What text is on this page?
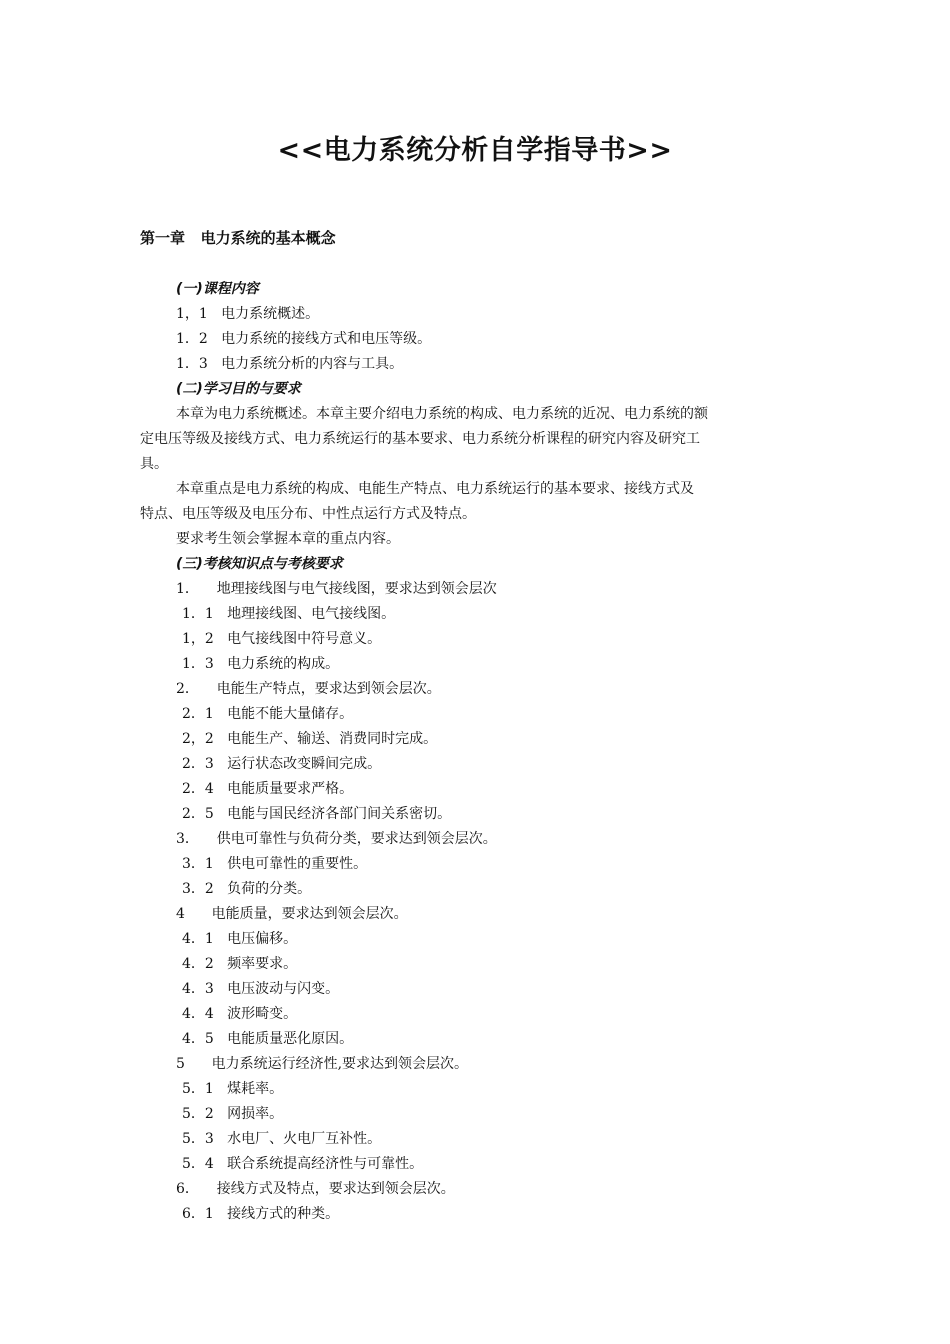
<<电力系统分析自学指导书>>
第一章   电力系统的基本概念
(一)课程内容
1，1   电力系统概述。
1．2   电力系统的接线方式和电压等级。
1．3   电力系统分析的内容与工具。
(二)学习目的与要求
本章为电力系统概述。本章主要介绍电力系统的构成、电力系统的近况、电力系统的额
定电压等级及接线方式、电力系统运行的基本要求、电力系统分析课程的研究内容及研究工
具。
本章重点是电力系统的构成、电能生产特点、电力系统运行的基本要求、接线方式及
特点、电压等级及电压分布、中性点运行方式及特点。
要求考生领会掌握本章的重点内容。
(三)考核知识点与考核要求
1．    地理接线图与电气接线图，要求达到领会层次
1．1   地理接线图、电气接线图。
1，2   电气接线图中符号意义。
1．3   电力系统的构成。
2．    电能生产特点，要求达到领会层次。
2．1   电能不能大量储存。
2，2   电能生产、输送、消费同时完成。
2．3   运行状态改变瞬间完成。
2．4   电能质量要求严格。
2．5   电能与国民经济各部门间关系密切。
3．    供电可靠性与负荷分类，要求达到领会层次。
3．1   供电可靠性的重要性。
3．2   负荷的分类。
4      电能质量，要求达到领会层次。
4．1   电压偏移。
4．2   频率要求。
4．3   电压波动与闪变。
4．4   波形畸变。
4．5   电能质量恶化原因。
5      电力系统运行经济性,要求达到领会层次。
5．1   煤耗率。
5．2   网损率。
5．3   水电厂、火电厂互补性。
5．4   联合系统提高经济性与可靠性。
6．    接线方式及特点，要求达到领会层次。
6．1   接线方式的种类。
